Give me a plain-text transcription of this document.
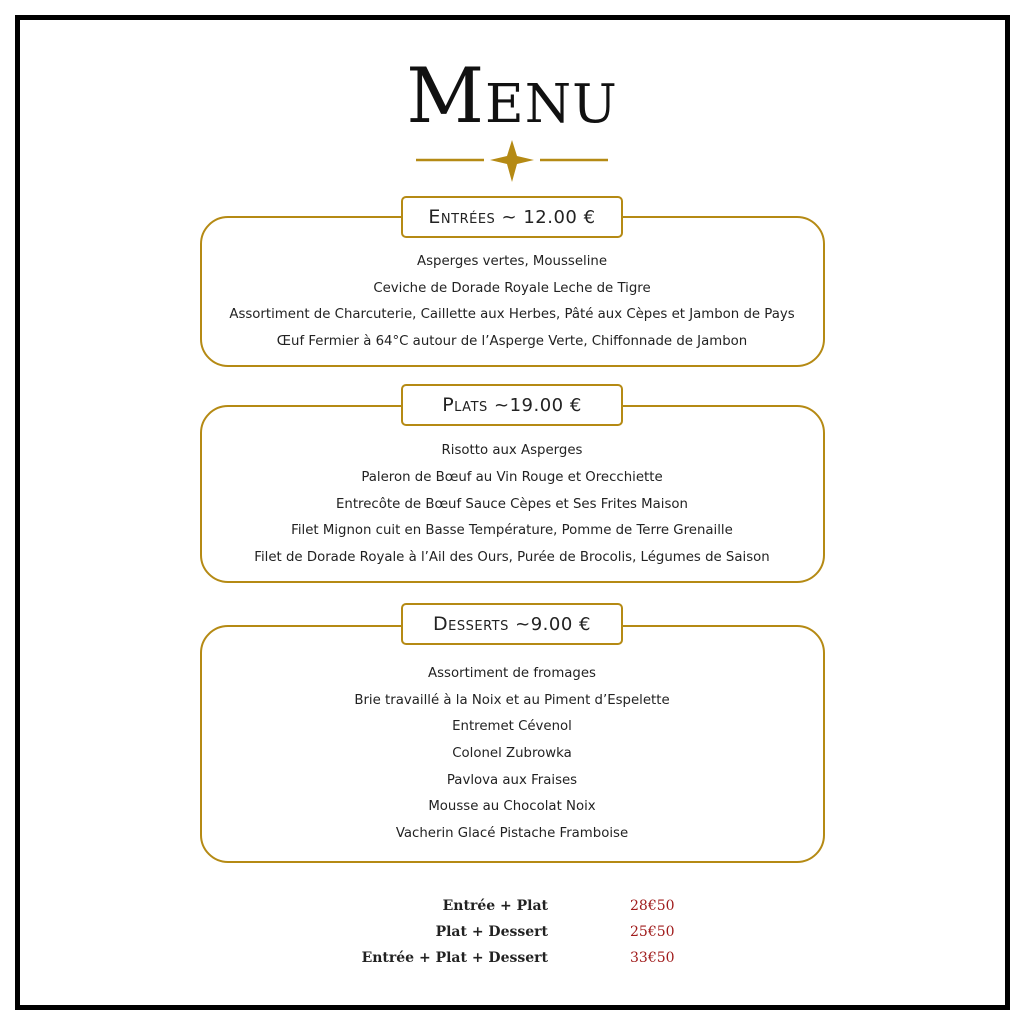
Menu
Entrées
~ 12.00 €
Asperges vertes, Mousseline
Ceviche de Dorade Royale Leche de Tigre
Assortiment de Charcuterie, Caillette aux Herbes, Pâté aux Cèpes et Jambon de Pays
Œuf Fermier à 64°C autour de l’Asperge Verte, Chiffonnade de Jambon
Plats
~19.00 €
Risotto aux Asperges
Paleron de Bœuf au Vin Rouge et Orecchiette
Entrecôte de Bœuf Sauce Cèpes et Ses Frites Maison
Filet Mignon cuit en Basse Température, Pomme de Terre Grenaille
Filet de Dorade Royale à l’Ail des Ours, Purée de Brocolis, Légumes de Saison
Desserts
~9.00 €
Assortiment de fromages
Brie travaillé à la Noix et au Piment d’Espelette
Entremet Cévenol
Colonel Zubrowka
Pavlova aux Fraises
Mousse au Chocolat Noix
Vacherin Glacé Pistache Framboise
Entrée + Plat	28€50
Plat + Dessert	25€50
Entrée + Plat + Dessert	33€50
